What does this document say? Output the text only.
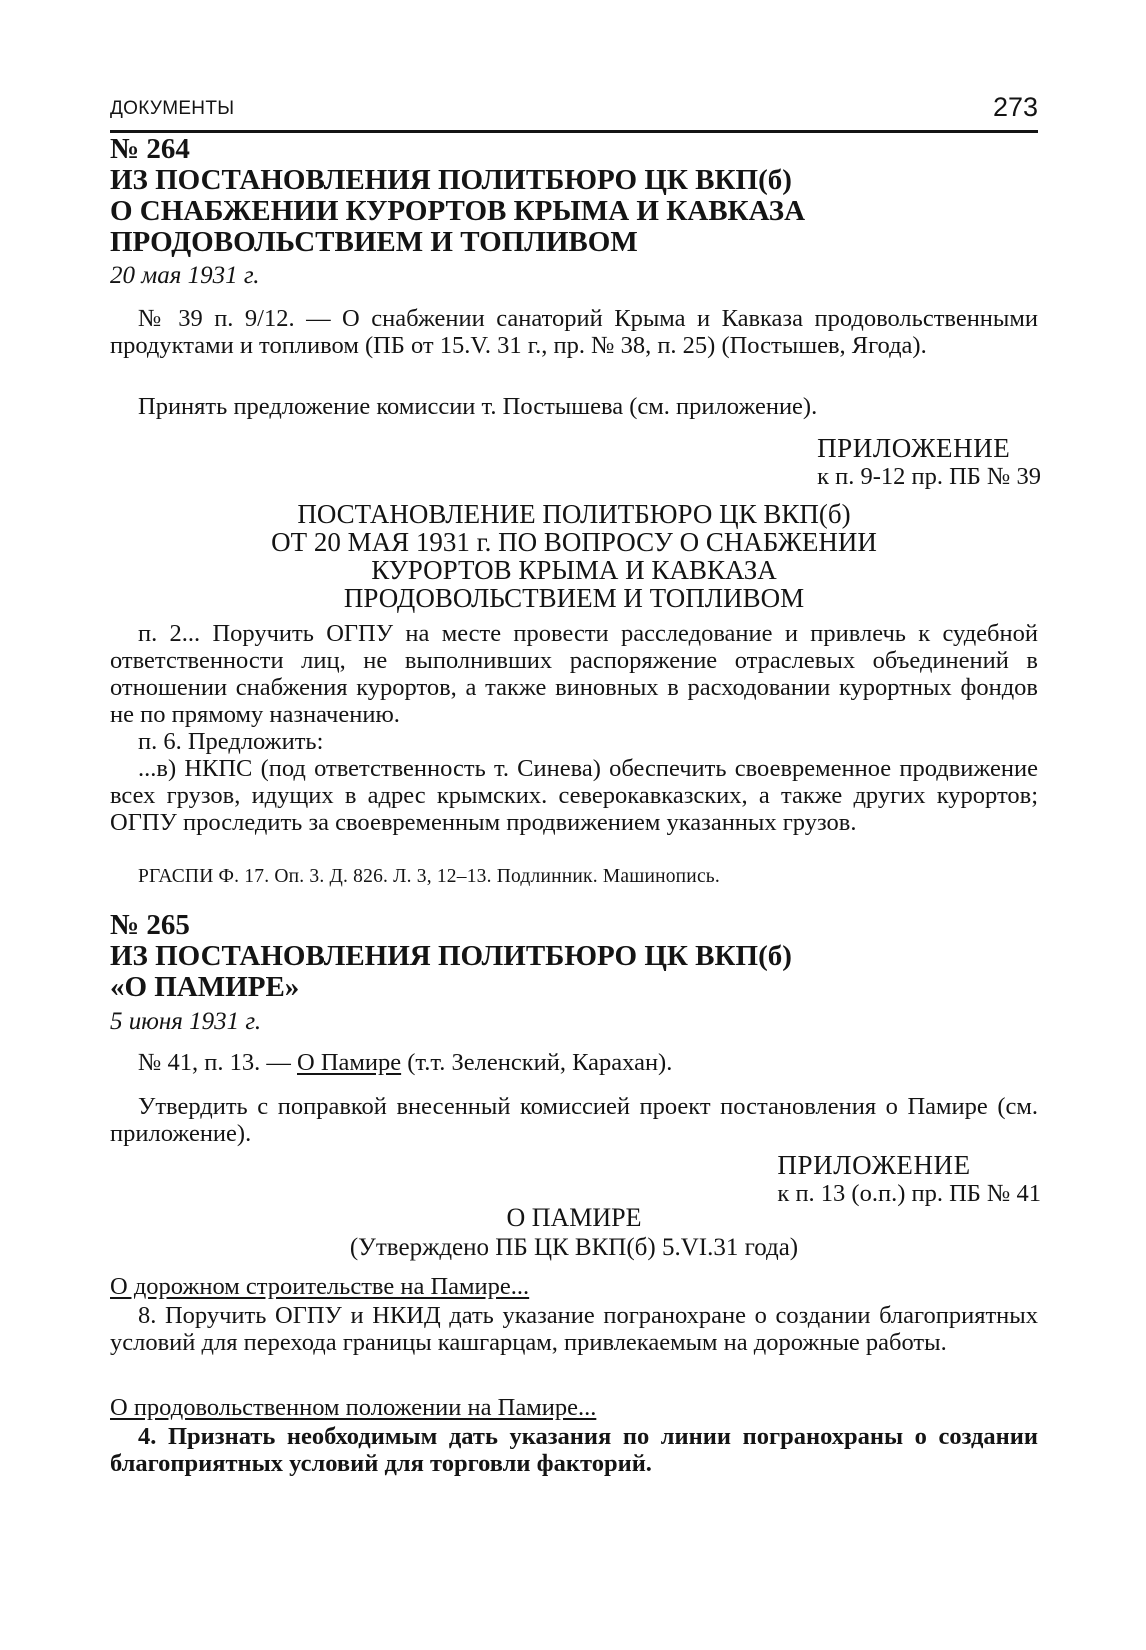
ДОКУМЕНТЫ	273
№ 264
ИЗ ПОСТАНОВЛЕНИЯ ПОЛИТБЮРО ЦК ВКП(б)
О СНАБЖЕНИИ КУРОРТОВ КРЫМА И КАВКАЗА
ПРОДОВОЛЬСТВИЕМ И ТОПЛИВОМ
20 мая 1931 г.

№ 39 п. 9/12. — О снабжении санаторий Крыма и Кавказа продовольственными продуктами и топливом (ПБ от 15.V. 31 г., пр. № 38, п. 25) (Постышев, Ягода).

Принять предложение комиссии т. Постышева (см. приложение).

ПРИЛОЖЕНИЕ
к п. 9-12 пр. ПБ № 39
ПОСТАНОВЛЕНИЕ ПОЛИТБЮРО ЦК ВКП(б)
ОТ 20 МАЯ 1931 г. ПО ВОПРОСУ О СНАБЖЕНИИ
КУРОРТОВ КРЫМА И КАВКАЗА
ПРОДОВОЛЬСТВИЕМ И ТОПЛИВОМ

п. 2... Поручить ОГПУ на месте провести расследование и привлечь к судебной ответственности лиц, не выполнивших распоряжение отраслевых объединений в отношении снабжения курортов, а также виновных в расходовании курортных фондов не по прямому назначению.

п. 6. Предложить:

...в) НКПС (под ответственность т. Синева) обеспечить своевременное продвижение всех грузов, идущих в адрес крымских. северокавказских, а также других курортов; ОГПУ проследить за своевременным продвижением указанных грузов.

РГАСПИ Ф. 17. Оп. 3. Д. 826. Л. 3, 12–13. Подлинник. Машинопись.
№ 265
ИЗ ПОСТАНОВЛЕНИЯ ПОЛИТБЮРО ЦК ВКП(б)
«О ПАМИРЕ»
5 июня 1931 г.

№ 41, п. 13. — О Памире (т.т. Зеленский, Карахан).

Утвердить с поправкой внесенный комиссией проект постановления о Памире (см. приложение).

ПРИЛОЖЕНИЕ
к п. 13 (о.п.) пр. ПБ № 41
О ПАМИРЕ
(Утверждено ПБ ЦК ВКП(б) 5.VI.31 года)
О дорожном строительстве на Памире...

8. Поручить ОГПУ и НКИД дать указание погранохране о создании благоприятных условий для перехода границы кашгарцам, привлекаемым на дорожные работы.

О продовольственном положении на Памире...

4. Признать необходимым дать указания по линии погранохраны о создании благоприятных условий для торговли факторий.
